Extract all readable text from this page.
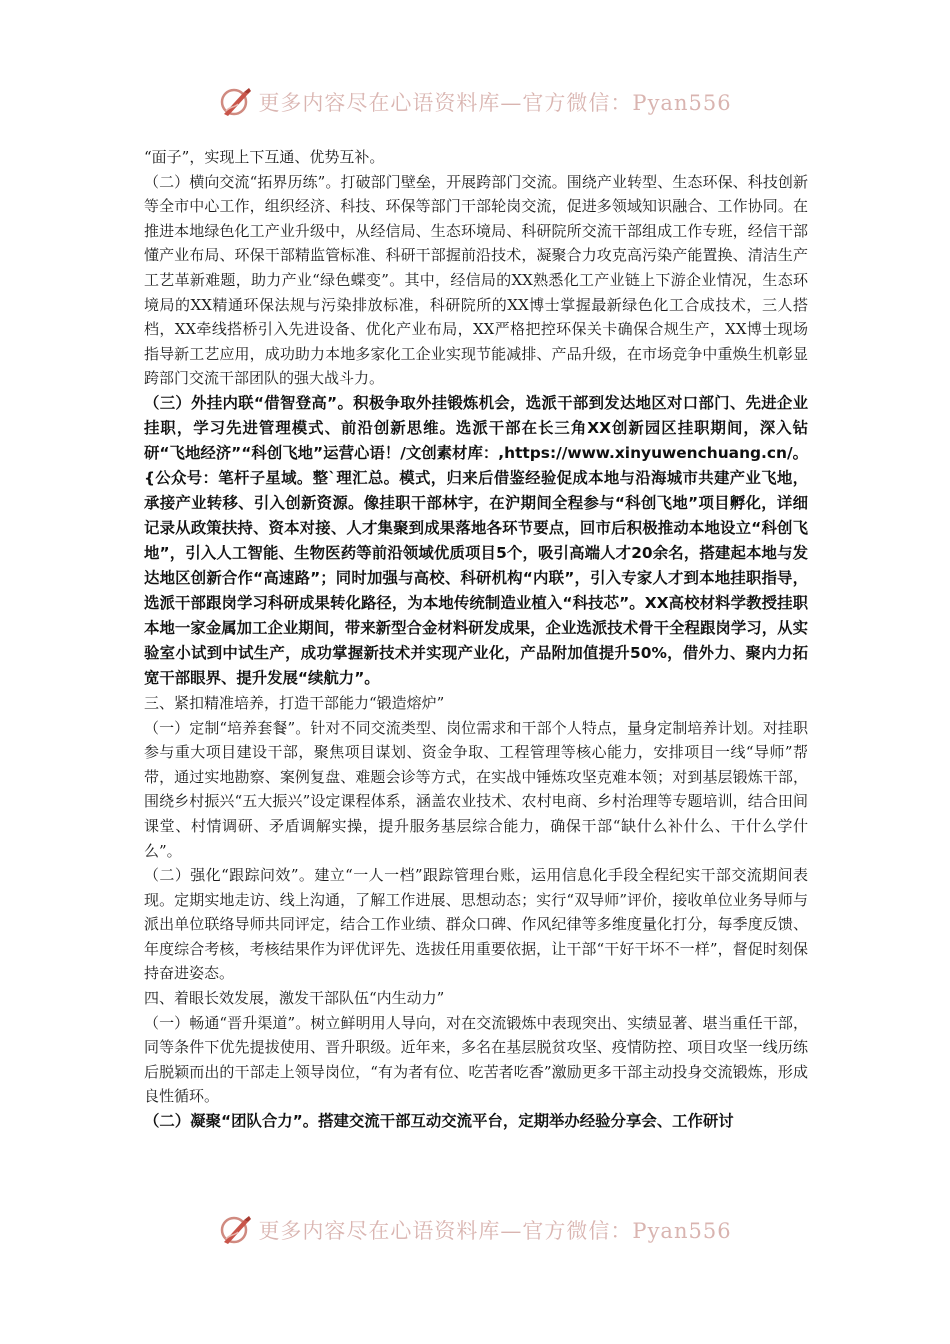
更多内容尽在心语资料库—官方微信：Pyan556

“面子”，实现上下互通、优势互补。

（二）横向交流“拓界历练”。打破部门壁垒，开展跨部门交流。围绕产业转型、生态环保、科技创新等全市中心工作，组织经济、科技、环保等部门干部轮岗交流，促进多领域知识融合、工作协同。在推进本地绿色化工产业升级中，从经信局、生态环境局、科研院所交流干部组成工作专班，经信干部懂产业布局、环保干部精监管标准、科研干部握前沿技术，凝聚合力攻克高污染产能置换、清洁生产工艺革新难题，助力产业“绿色蝶变”。其中，经信局的XX熟悉化工产业链上下游企业情况，生态环境局的XX精通环保法规与污染排放标准，科研院所的XX博士掌握最新绿色化工合成技术，三人搭档，XX牵线搭桥引入先进设备、优化产业布局，XX严格把控环保关卡确保合规生产，XX博士现场指导新工艺应用，成功助力本地多家化工企业实现节能减排、产品升级，在市场竞争中重焕生机彰显跨部门交流干部团队的强大战斗力。

（三）外挂内联“借智登高”。积极争取外挂锻炼机会，选派干部到发达地区对口部门、先进企业挂职，学习先进管理模式、前沿创新思维。选派干部在长三角XX创新园区挂职期间，深入钻研“飞地经济”“科创飞地”运营心语！/文创素材库：,https://www.xinyuwenchuang.cn/。{公众号：笔杆子星域。整`理汇总。模式，归来后借鉴经验促成本地与沿海城市共建产业飞地，承接产业转移、引入创新资源。像挂职干部林宇，在沪期间全程参与“科创飞地”项目孵化，详细记录从政策扶持、资本对接、人才集聚到成果落地各环节要点，回市后积极推动本地设立“科创飞地”，引入人工智能、生物医药等前沿领域优质项目5个，吸引高端人才20余名，搭建起本地与发达地区创新合作“高速路”；同时加强与高校、科研机构“内联”，引入专家人才到本地挂职指导，选派干部跟岗学习科研成果转化路径，为本地传统制造业植入“科技芯”。XX高校材料学教授挂职本地一家金属加工企业期间，带来新型合金材料研发成果，企业选派技术骨干全程跟岗学习，从实验室小试到中试生产，成功掌握新技术并实现产业化，产品附加值提升50%，借外力、聚内力拓宽干部眼界、提升发展“续航力”。

三、紧扣精准培养，打造干部能力“锻造熔炉”

（一）定制“培养套餐”。针对不同交流类型、岗位需求和干部个人特点，量身定制培养计划。对挂职参与重大项目建设干部，聚焦项目谋划、资金争取、工程管理等核心能力，安排项目一线“导师”帮带，通过实地勘察、案例复盘、难题会诊等方式，在实战中锤炼攻坚克难本领；对到基层锻炼干部，围绕乡村振兴“五大振兴”设定课程体系，涵盖农业技术、农村电商、乡村治理等专题培训，结合田间课堂、村情调研、矛盾调解实操，提升服务基层综合能力，确保干部“缺什么补什么、干什么学什么”。

（二）强化“跟踪问效”。建立“一人一档”跟踪管理台账，运用信息化手段全程纪实干部交流期间表现。定期实地走访、线上沟通，了解工作进展、思想动态；实行“双导师”评价，接收单位业务导师与派出单位联络导师共同评定，结合工作业绩、群众口碑、作风纪律等多维度量化打分，每季度反馈、年度综合考核，考核结果作为评优评先、选拔任用重要依据，让干部“干好干坏不一样”，督促时刻保持奋进姿态。

四、着眼长效发展，激发干部队伍“内生动力”

（一）畅通“晋升渠道”。树立鲜明用人导向，对在交流锻炼中表现突出、实绩显著、堪当重任干部，同等条件下优先提拔使用、晋升职级。近年来，多名在基层脱贫攻坚、疫情防控、项目攻坚一线历练后脱颖而出的干部走上领导岗位，“有为者有位、吃苦者吃香”激励更多干部主动投身交流锻炼，形成良性循环。

（二）凝聚“团队合力”。搭建交流干部互动交流平台，定期举办经验分享会、工作研讨

更多内容尽在心语资料库—官方微信：Pyan556
